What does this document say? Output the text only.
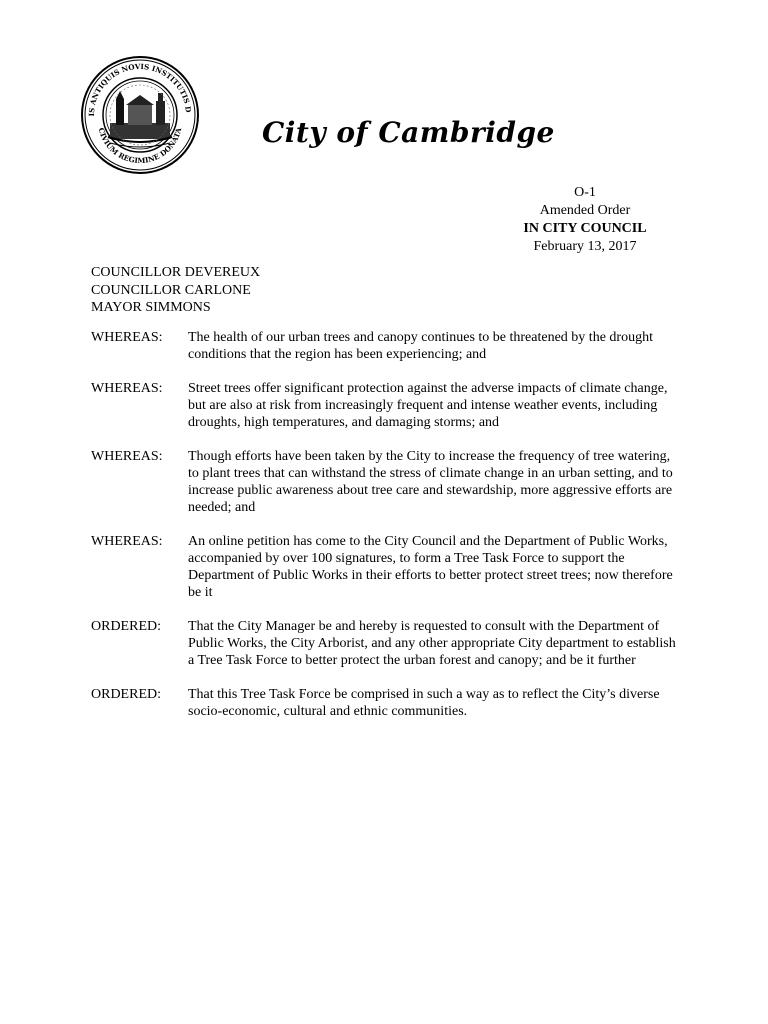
IS ANTIQUIS NOVIS INSTITUTIS D
CIVIUM REGIMINE DONATA	City of Cambridge
O-1
Amended Order
IN CITY COUNCIL
February 13, 2017
COUNCILLOR DEVEREUX
COUNCILLOR CARLONE
MAYOR SIMMONS
WHEREAS:	The health of our urban trees and canopy continues to be threatened by the drought conditions that the region has been experiencing; and
WHEREAS:	Street trees offer significant protection against the adverse impacts of climate change, but are also at risk from increasingly frequent and intense weather events, including droughts, high temperatures, and damaging storms; and
WHEREAS:	Though efforts have been taken by the City to increase the frequency of tree watering, to plant trees that can withstand the stress of climate change in an urban setting, and to increase public awareness about tree care and stewardship, more aggressive efforts are needed; and
WHEREAS:	An online petition has come to the City Council and the Department of Public Works, accompanied by over 100 signatures, to form a Tree Task Force to support the Department of Public Works in their efforts to better protect street trees; now therefore be it
ORDERED:	That the City Manager be and hereby is requested to consult with the Department of Public Works, the City Arborist, and any other appropriate City department to establish a Tree Task Force to better protect the urban forest and canopy; and be it further
ORDERED:	That this Tree Task Force be comprised in such a way as to reflect the City’s diverse socio-economic, cultural and ethnic communities.
